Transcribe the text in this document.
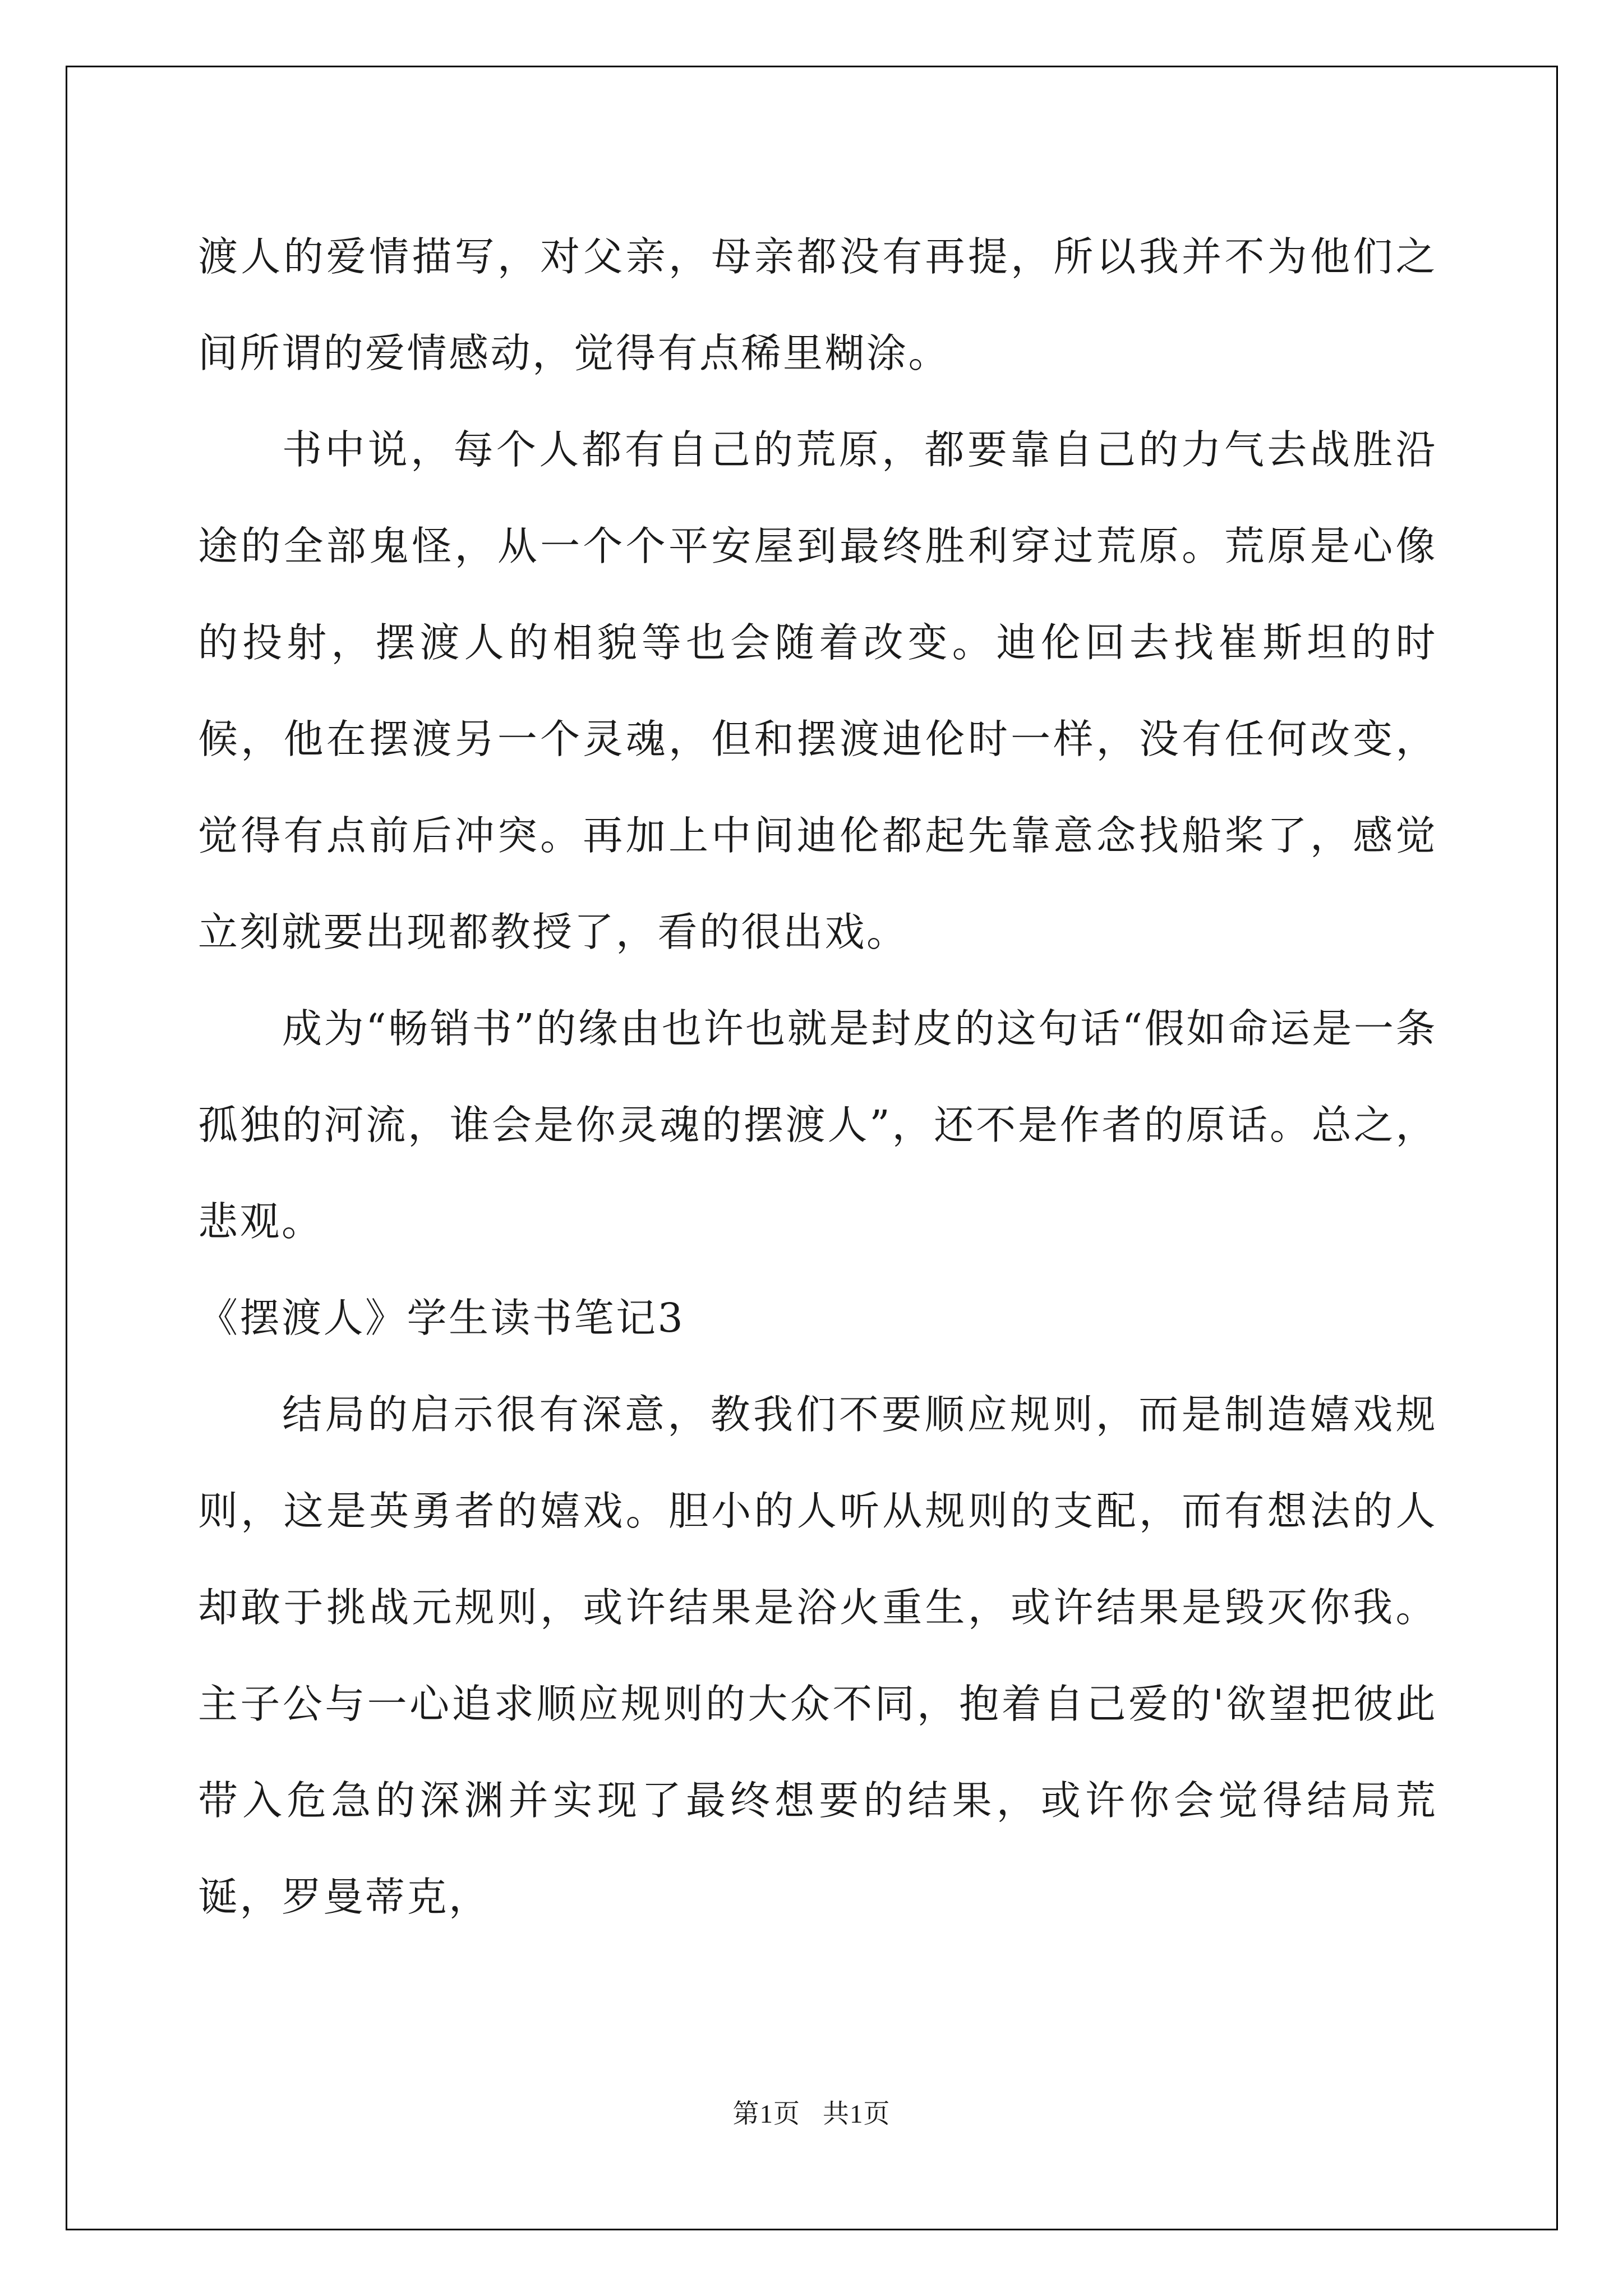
渡人的爱情描写，对父亲，母亲都没有再提，所以我并不为他们之间所谓的爱情感动，觉得有点稀里糊涂。

书中说，每个人都有自己的荒原，都要靠自己的力气去战胜沿途的全部鬼怪，从一个个平安屋到最终胜利穿过荒原。荒原是心像的投射，摆渡人的相貌等也会随着改变。迪伦回去找崔斯坦的时候，他在摆渡另一个灵魂，但和摆渡迪伦时一样，没有任何改变，觉得有点前后冲突。再加上中间迪伦都起先靠意念找船桨了，感觉立刻就要出现都教授了，看的很出戏。

成为“畅销书”的缘由也许也就是封皮的这句话“假如命运是一条孤独的河流，谁会是你灵魂的摆渡人”，还不是作者的原话。总之，悲观。

《摆渡人》学生读书笔记3

结局的启示很有深意，教我们不要顺应规则，而是制造嬉戏规则，这是英勇者的嬉戏。胆小的人听从规则的支配，而有想法的人却敢于挑战元规则，或许结果是浴火重生，或许结果是毁灭你我。主子公与一心追求顺应规则的大众不同，抱着自己爱的'欲望把彼此带入危急的深渊并实现了最终想要的结果，或许你会觉得结局荒诞，罗曼蒂克，

第1页 共1页
